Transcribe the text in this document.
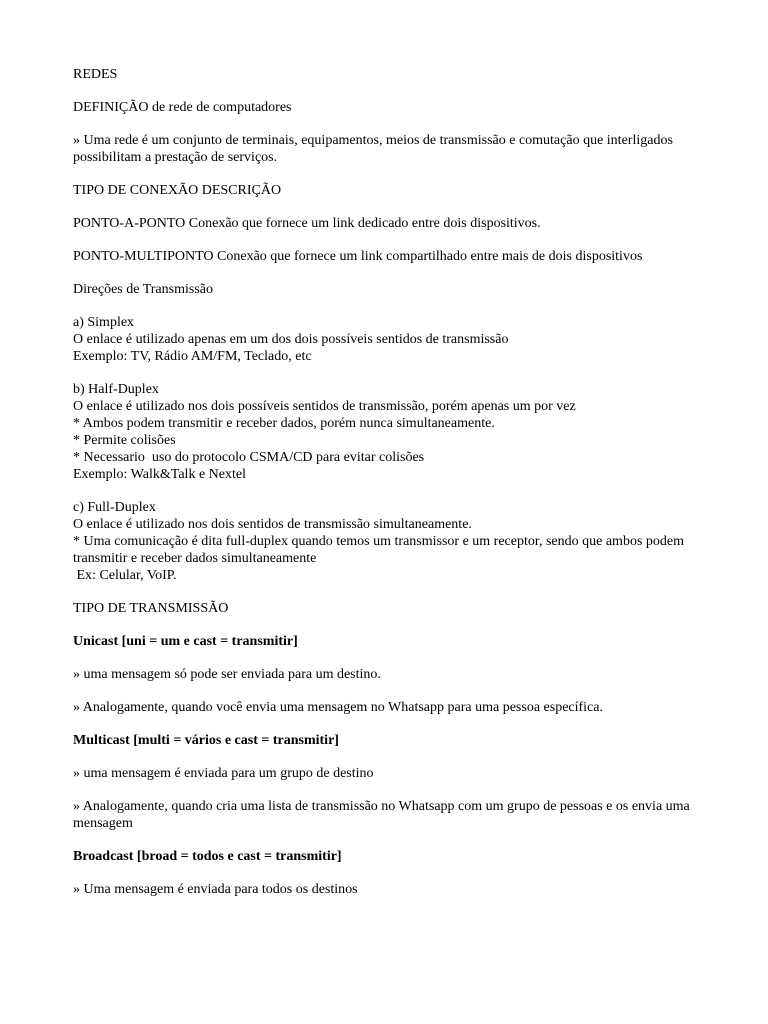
REDES

DEFINIÇÃO de rede de computadores

» Uma rede é um conjunto de terminais, equipamentos, meios de transmissão e comutação que interligados possibilitam a prestação de serviços.

TIPO DE CONEXÃO DESCRIÇÃO

PONTO-A-PONTO Conexão que fornece um link dedicado entre dois dispositivos.

PONTO-MULTIPONTO Conexão que fornece um link compartilhado entre mais de dois dispositivos

Direções de Transmissão

a) Simplex
O enlace é utilizado apenas em um dos dois possíveis sentidos de transmissão
Exemplo: TV, Rádio AM/FM, Teclado, etc
b) Half-Duplex
O enlace é utilizado nos dois possíveis sentidos de transmissão, porém apenas um por vez
* Ambos podem transmitir e receber dados, porém nunca simultaneamente.
* Permite colisões
* Necessario  uso do protocolo CSMA/CD para evitar colisões
Exemplo: Walk&Talk e Nextel
c) Full-Duplex
O enlace é utilizado nos dois sentidos de transmissão simultaneamente.
* Uma comunicação é dita full-duplex quando temos um transmissor e um receptor, sendo que ambos podem transmitir e receber dados simultaneamente
Ex: Celular, VoIP.

TIPO DE TRANSMISSÃO

Unicast [uni = um e cast = transmitir]

» uma mensagem só pode ser enviada para um destino.

» Analogamente, quando você envia uma mensagem no Whatsapp para uma pessoa específica.

Multicast [multi = vários e cast = transmitir]

» uma mensagem é enviada para um grupo de destino

» Analogamente, quando cria uma lista de transmissão no Whatsapp com um grupo de pessoas e os envia uma mensagem

Broadcast [broad = todos e cast = transmitir]

» Uma mensagem é enviada para todos os destinos
